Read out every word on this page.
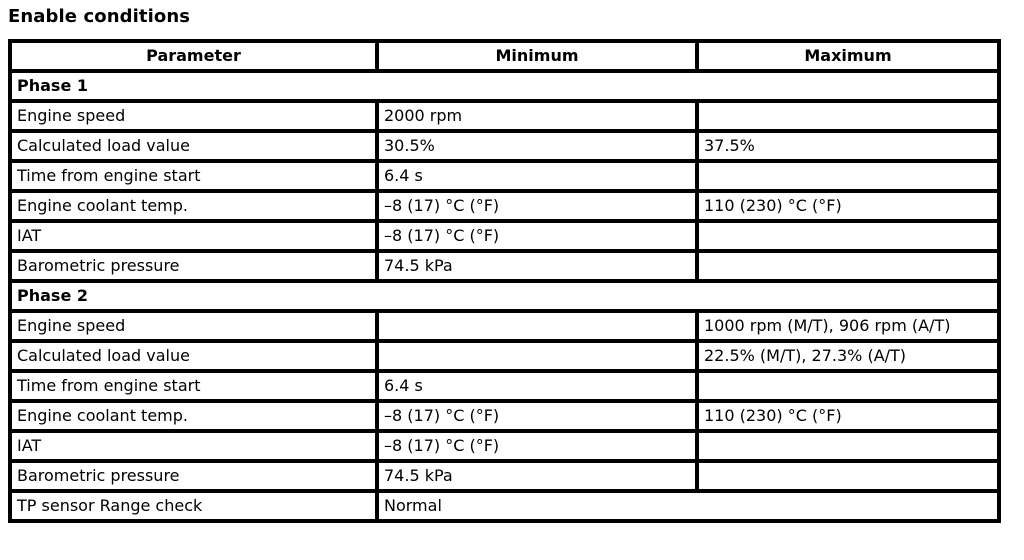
Enable conditions
Parameter	Minimum	Maximum
Phase 1		
Engine speed	2000 rpm	
Calculated load value	30.5%	37.5%
Time from engine start	6.4 s	
Engine coolant temp.	–8 (17) °C (°F)	110 (230) °C (°F)
IAT	–8 (17) °C (°F)	
Barometric pressure	74.5 kPa	
Phase 2		
Engine speed		1000 rpm (M/T), 906 rpm (A/T)
Calculated load value		22.5% (M/T), 27.3% (A/T)
Time from engine start	6.4 s	
Engine coolant temp.	–8 (17) °C (°F)	110 (230) °C (°F)
IAT	–8 (17) °C (°F)	
Barometric pressure	74.5 kPa	
TP sensor Range check	Normal	
